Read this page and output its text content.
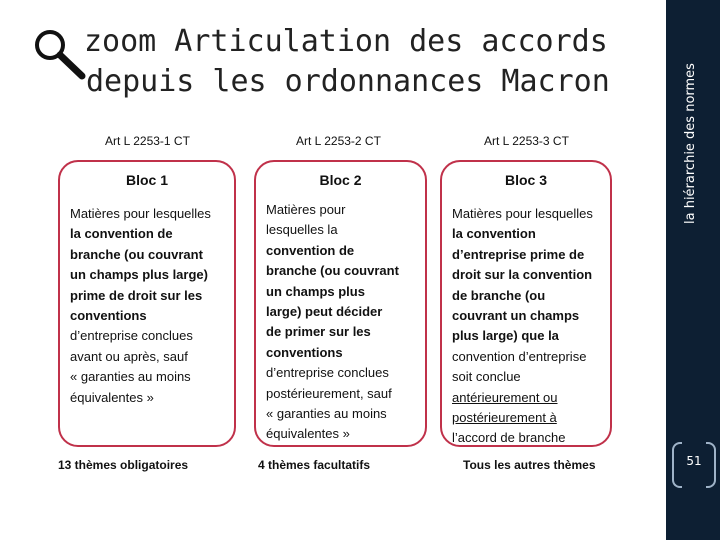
la hiérarchie des normes
51
zoom Articulation des accords
depuis les ordonnances Macron
Art L 2253-1 CT
Bloc 1
Matières pour lesquelles
la convention de
branche (ou couvrant
un champs plus large)
prime de droit sur les
conventions
d’entreprise conclues
avant ou après, sauf
« garanties au moins
équivalentes »
13 thèmes obligatoires
Art L 2253-2 CT
Bloc 2
Matières pour
lesquelles la
convention de
branche (ou couvrant
un champs plus
large) peut décider
de primer sur les
conventions
d’entreprise conclues
postérieurement, sauf
« garanties au moins
équivalentes »
4 thèmes facultatifs
Art L 2253-3 CT
Bloc 3
Matières pour lesquelles
la convention
d’entreprise prime de
droit sur la convention
de branche (ou
couvrant un champs
plus large) que la
convention d’entreprise
soit conclue
antérieurement ou
postérieurement à
l’accord de branche
Tous les autres thèmes
